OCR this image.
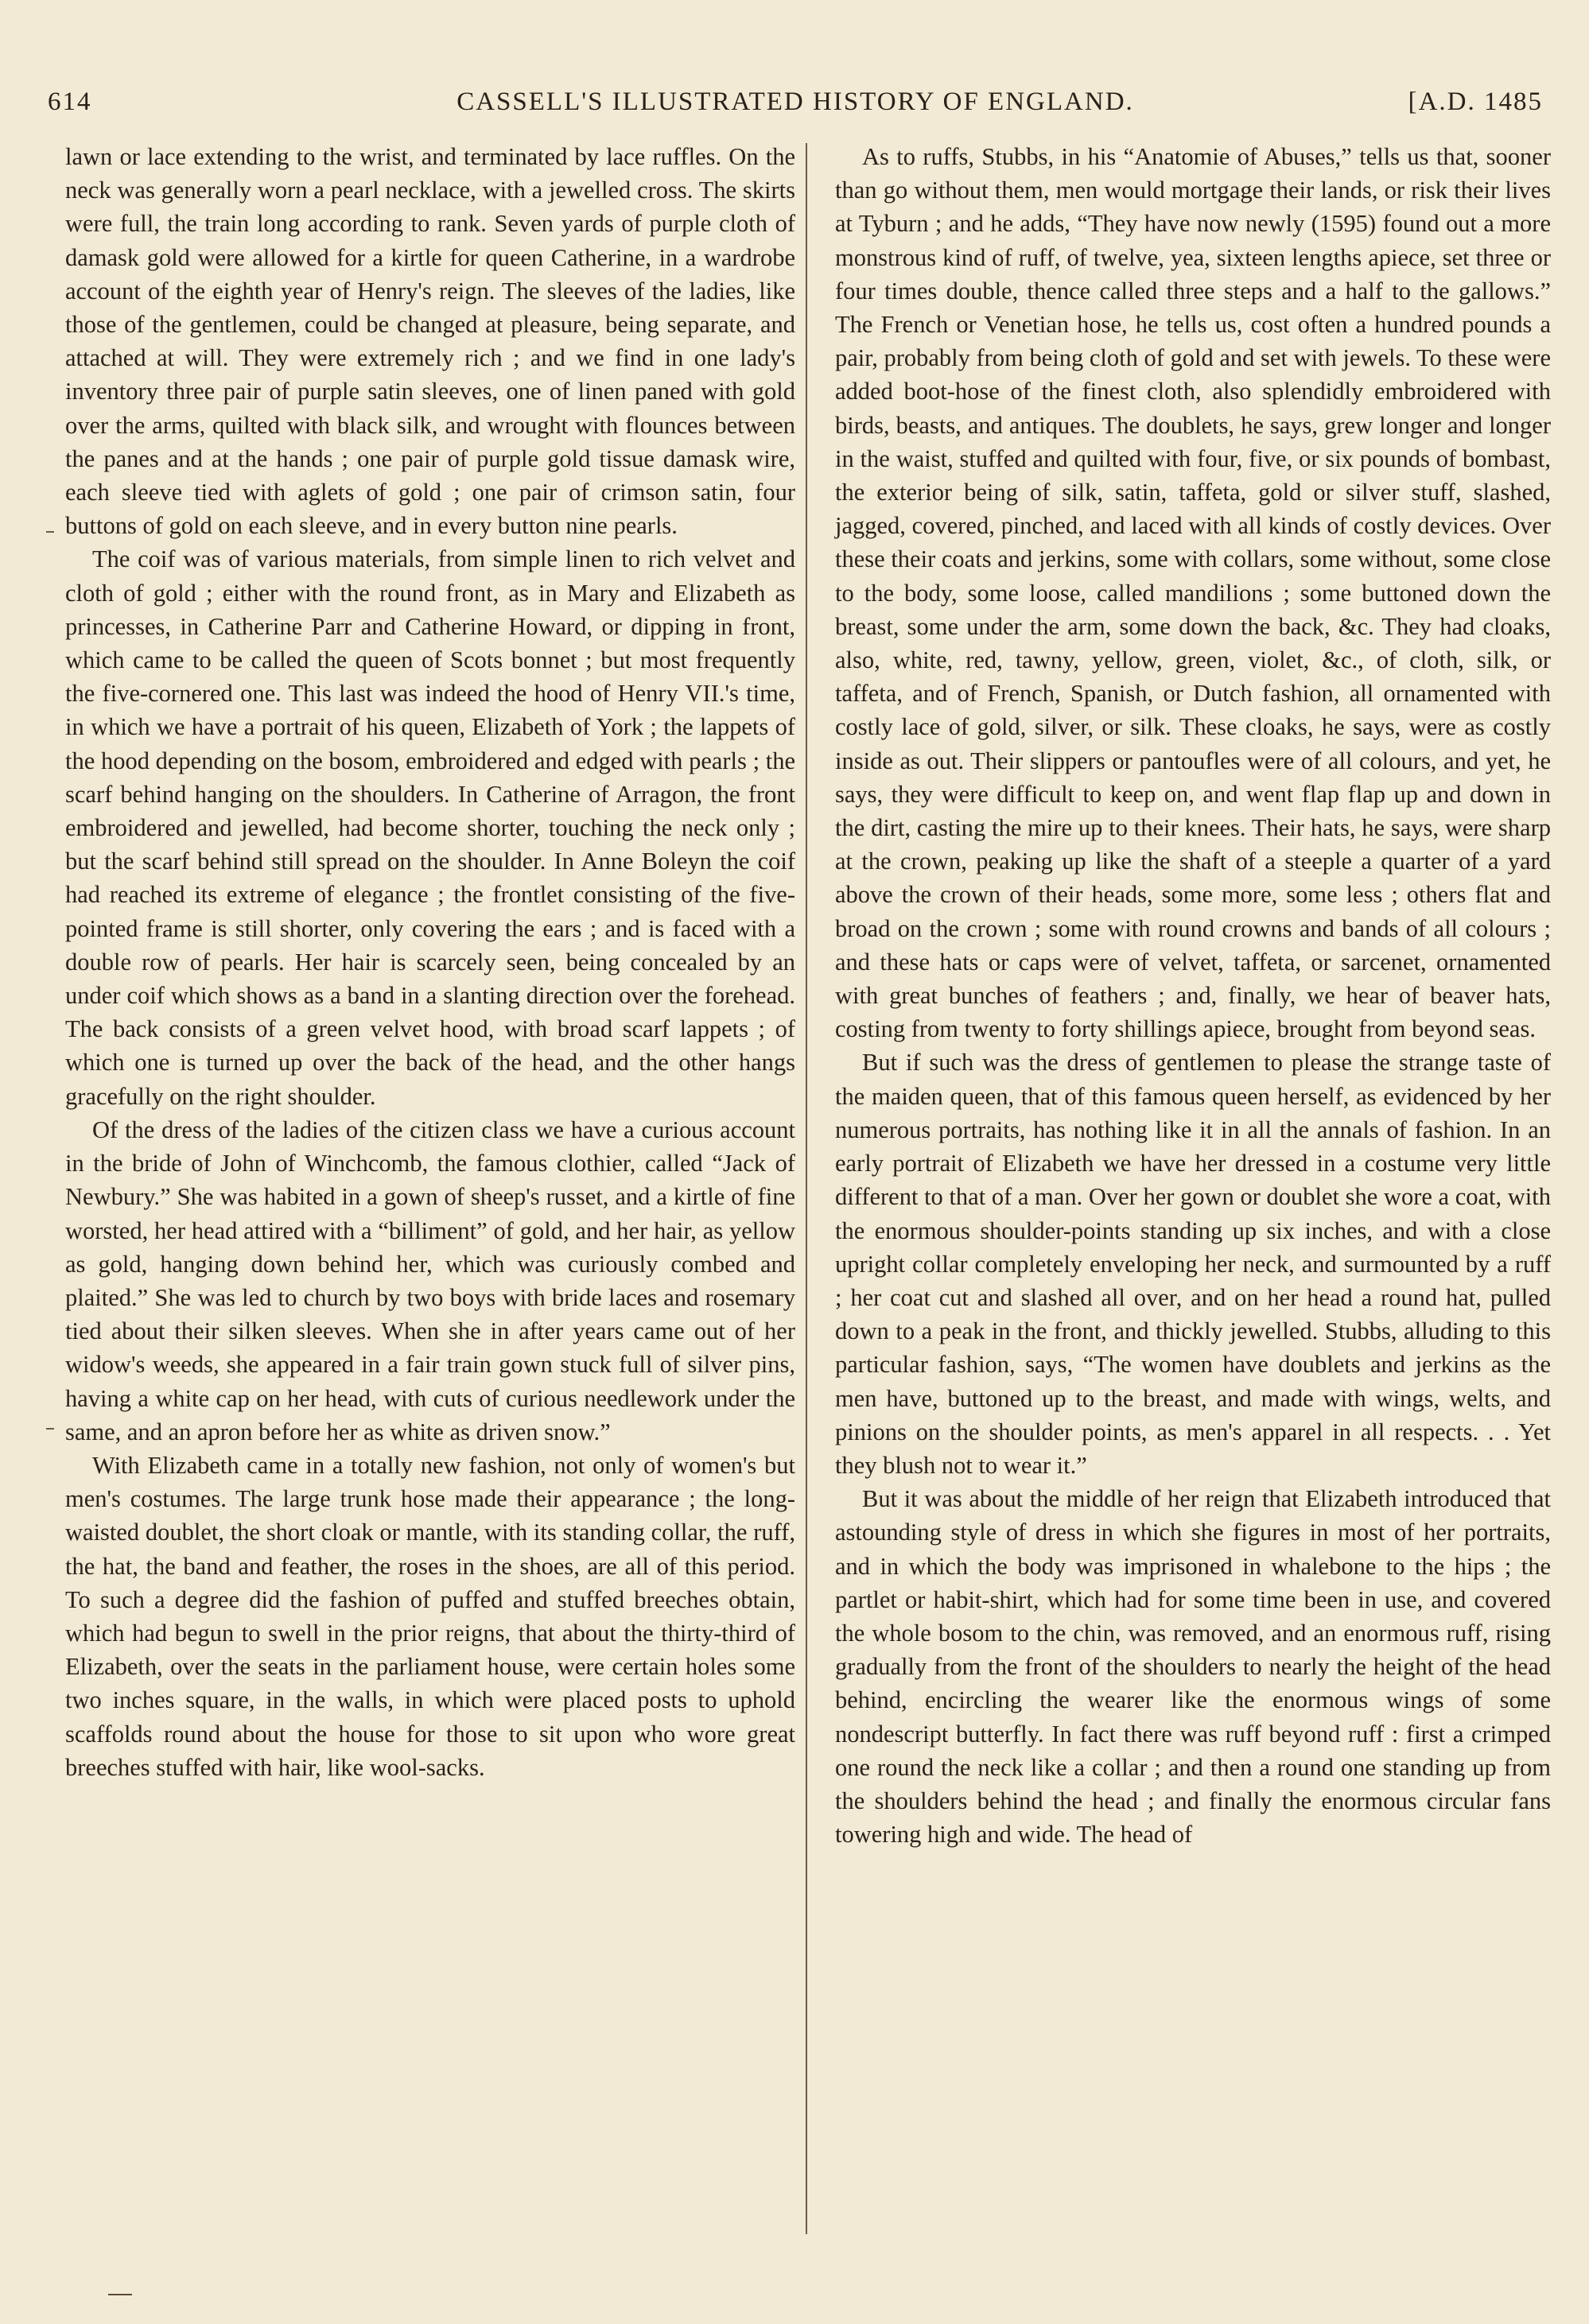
614	CASSELL'S ILLUSTRATED HISTORY OF ENGLAND.	[A.D. 1485

lawn or lace extending to the wrist, and terminated by lace ruffles. On the neck was generally worn a pearl necklace, with a jewelled cross. The skirts were full, the train long according to rank. Seven yards of purple cloth of damask gold were allowed for a kirtle for queen Catherine, in a wardrobe account of the eighth year of Henry's reign. The sleeves of the ladies, like those of the gentlemen, could be changed at pleasure, being separate, and attached at will. They were extremely rich ; and we find in one lady's inventory three pair of purple satin sleeves, one of linen paned with gold over the arms, quilted with black silk, and wrought with flounces between the panes and at the hands ; one pair of purple gold tissue damask wire, each sleeve tied with aglets of gold ; one pair of crimson satin, four buttons of gold on each sleeve, and in every button nine pearls.

The coif was of various materials, from simple linen to rich velvet and cloth of gold ; either with the round front, as in Mary and Elizabeth as princesses, in Catherine Parr and Catherine Howard, or dipping in front, which came to be called the queen of Scots bonnet ; but most frequently the five-cornered one. This last was indeed the hood of Henry VII.'s time, in which we have a portrait of his queen, Elizabeth of York ; the lappets of the hood depending on the bosom, embroidered and edged with pearls ; the scarf behind hanging on the shoulders. In Catherine of Arragon, the front embroidered and jewelled, had become shorter, touching the neck only ; but the scarf behind still spread on the shoulder. In Anne Boleyn the coif had reached its extreme of elegance ; the frontlet consisting of the five-pointed frame is still shorter, only covering the ears ; and is faced with a double row of pearls. Her hair is scarcely seen, being concealed by an under coif which shows as a band in a slanting direction over the forehead. The back consists of a green velvet hood, with broad scarf lappets ; of which one is turned up over the back of the head, and the other hangs gracefully on the right shoulder.

Of the dress of the ladies of the citizen class we have a curious account in the bride of John of Winchcomb, the famous clothier, called “Jack of Newbury.” She was habited in a gown of sheep's russet, and a kirtle of fine worsted, her head attired with a “billiment” of gold, and her hair, as yellow as gold, hanging down behind her, which was curiously combed and plaited.” She was led to church by two boys with bride laces and rosemary tied about their silken sleeves. When she in after years came out of her widow's weeds, she appeared in a fair train gown stuck full of silver pins, having a white cap on her head, with cuts of curious needlework under the same, and an apron before her as white as driven snow.”

With Elizabeth came in a totally new fashion, not only of women's but men's costumes. The large trunk hose made their appearance ; the long-waisted doublet, the short cloak or mantle, with its standing collar, the ruff, the hat, the band and feather, the roses in the shoes, are all of this period. To such a degree did the fashion of puffed and stuffed breeches obtain, which had begun to swell in the prior reigns, that about the thirty-third of Elizabeth, over the seats in the parliament house, were certain holes some two inches square, in the walls, in which were placed posts to uphold scaffolds round about the house for those to sit upon who wore great breeches stuffed with hair, like wool-sacks.

As to ruffs, Stubbs, in his “Anatomie of Abuses,” tells us that, sooner than go without them, men would mortgage their lands, or risk their lives at Tyburn ; and he adds, “They have now newly (1595) found out a more monstrous kind of ruff, of twelve, yea, sixteen lengths apiece, set three or four times double, thence called three steps and a half to the gallows.” The French or Venetian hose, he tells us, cost often a hundred pounds a pair, probably from being cloth of gold and set with jewels. To these were added boot-hose of the finest cloth, also splendidly embroidered with birds, beasts, and antiques. The doublets, he says, grew longer and longer in the waist, stuffed and quilted with four, five, or six pounds of bombast, the exterior being of silk, satin, taffeta, gold or silver stuff, slashed, jagged, covered, pinched, and laced with all kinds of costly devices. Over these their coats and jerkins, some with collars, some without, some close to the body, some loose, called mandilions ; some buttoned down the breast, some under the arm, some down the back, &c. They had cloaks, also, white, red, tawny, yellow, green, violet, &c., of cloth, silk, or taffeta, and of French, Spanish, or Dutch fashion, all ornamented with costly lace of gold, silver, or silk. These cloaks, he says, were as costly inside as out. Their slippers or pantoufles were of all colours, and yet, he says, they were difficult to keep on, and went flap flap up and down in the dirt, casting the mire up to their knees. Their hats, he says, were sharp at the crown, peaking up like the shaft of a steeple a quarter of a yard above the crown of their heads, some more, some less ; others flat and broad on the crown ; some with round crowns and bands of all colours ; and these hats or caps were of velvet, taffeta, or sarcenet, ornamented with great bunches of feathers ; and, finally, we hear of beaver hats, costing from twenty to forty shillings apiece, brought from beyond seas.

But if such was the dress of gentlemen to please the strange taste of the maiden queen, that of this famous queen herself, as evidenced by her numerous portraits, has nothing like it in all the annals of fashion. In an early portrait of Elizabeth we have her dressed in a costume very little different to that of a man. Over her gown or doublet she wore a coat, with the enormous shoulder-points standing up six inches, and with a close upright collar completely enveloping her neck, and surmounted by a ruff ; her coat cut and slashed all over, and on her head a round hat, pulled down to a peak in the front, and thickly jewelled. Stubbs, alluding to this particular fashion, says, “The women have doublets and jerkins as the men have, buttoned up to the breast, and made with wings, welts, and pinions on the shoulder points, as men's apparel in all respects. . . Yet they blush not to wear it.”

But it was about the middle of her reign that Elizabeth introduced that astounding style of dress in which she figures in most of her portraits, and in which the body was imprisoned in whalebone to the hips ; the partlet or habit-shirt, which had for some time been in use, and covered the whole bosom to the chin, was removed, and an enormous ruff, rising gradually from the front of the shoulders to nearly the height of the head behind, encircling the wearer like the enormous wings of some nondescript butterfly. In fact there was ruff beyond ruff : first a crimped one round the neck like a collar ; and then a round one standing up from the shoulders behind the head ; and finally the enormous circular fans towering high and wide. The head of
